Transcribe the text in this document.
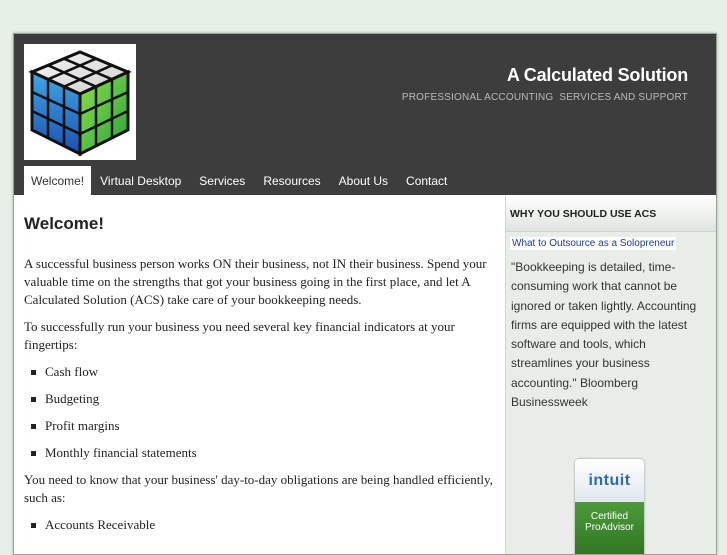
A Calculated Solution
PROFESSIONAL ACCOUNTING  SERVICES AND SUPPORT
Welcome!	Virtual Desktop	Services	Resources	About Us	Contact
Welcome!

A successful business person works ON their business, not IN their business. Spend your valuable time on the strengths that got your business going in the first place, and let A Calculated Solution (ACS) take care of your bookkeeping needs.

To successfully run your business you need several key financial indicators at your fingertips:

Cash flow
Budgeting
Profit margins
Monthly financial statements

You need to know that your business' day-to-day obligations are being handled efficiently, such as:

Accounts Receivable
WHY YOU SHOULD USE ACS
What to Outsource as a Solopreneur
"Bookkeeping is detailed, time-consuming work that cannot be ignored or taken lightly. Accounting firms are equipped with the latest software and tools, which streamlines your business accounting." Bloomberg Businessweek
intuit
Certified
ProAdvisor
